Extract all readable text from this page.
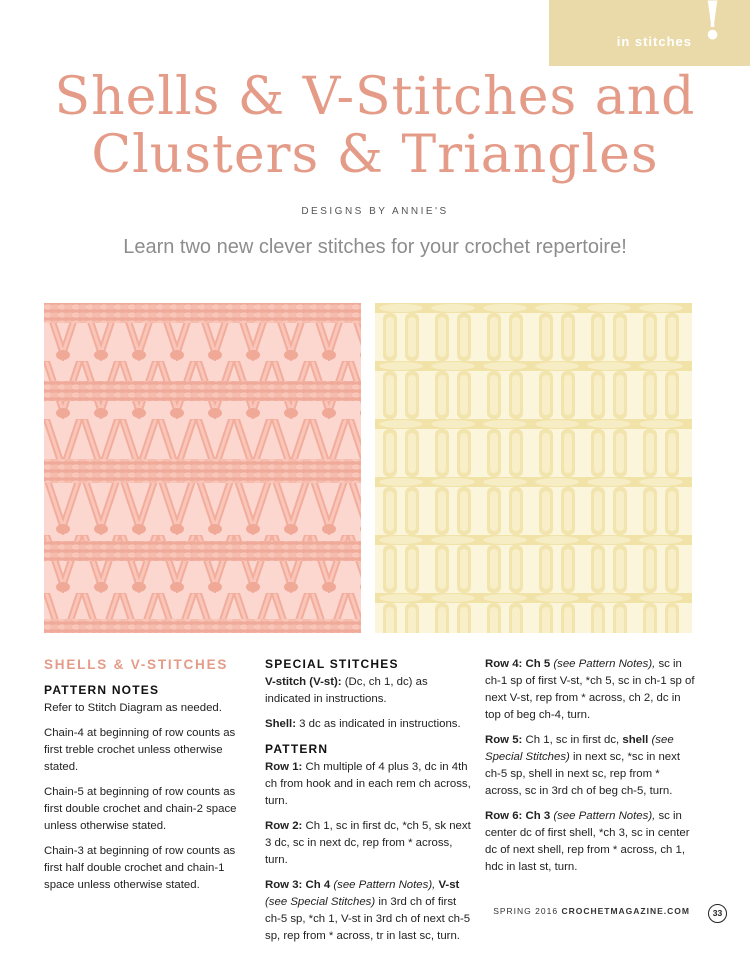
in stitches !
Shells & V-Stitches and
Clusters & Triangles
DESIGNS BY ANNIE'S
Learn two new clever stitches for your crochet repertoire!
SHELLS & V-STITCHES
PATTERN NOTES
Refer to Stitch Diagram as needed.
Chain-4 at beginning of row counts as first treble crochet unless otherwise stated.
Chain-5 at beginning of row counts as first double crochet and chain-2 space unless otherwise stated.
Chain-3 at beginning of row counts as first half double crochet and chain-1 space unless otherwise stated.
SPECIAL STITCHES
V-stitch (V-st): (Dc, ch 1, dc) as indicated in instructions.
Shell: 3 dc as indicated in instructions.
PATTERN
Row 1: Ch multiple of 4 plus 3, dc in 4th ch from hook and in each rem ch across, turn.
Row 2: Ch 1, sc in first dc, *ch 5, sk next 3 dc, sc in next dc, rep from * across, turn.
Row 3: Ch 4 (see Pattern Notes), V-st (see Special Stitches) in 3rd ch of first ch-5 sp, *ch 1, V-st in 3rd ch of next ch-5 sp, rep from * across, tr in last sc, turn.
Row 4: Ch 5 (see Pattern Notes), sc in ch-1 sp of first V-st, *ch 5, sc in ch-1 sp of next V-st, rep from * across, ch 2, dc in top of beg ch-4, turn.
Row 5: Ch 1, sc in first dc, shell (see Special Stitches) in next sc, *sc in next ch-5 sp, shell in next sc, rep from * across, sc in 3rd ch of beg ch-5, turn.
Row 6: Ch 3 (see Pattern Notes), sc in center dc of first shell, *ch 3, sc in center dc of next shell, rep from * across, ch 1, hdc in last st, turn.
SPRING 2016 CROCHETMAGAZINE.COM	33
